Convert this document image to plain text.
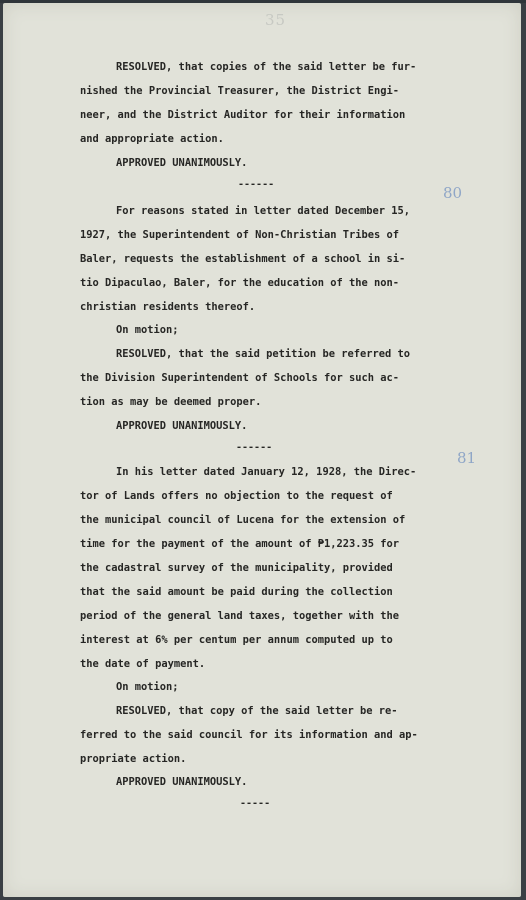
35
80
81
RESOLVED, that copies of the said letter be fur-
nished the Provincial Treasurer, the District Engi-
neer, and the District Auditor for their information
and appropriate action.
APPROVED UNANIMOUSLY.
------
For reasons stated in letter dated December 15,
1927, the Superintendent of Non-Christian Tribes of
Baler, requests the establishment of a school in si-
tio Dipaculao, Baler, for the education of the non-
christian residents thereof.
On motion;
RESOLVED, that the said petition be referred to
the Division Superintendent of Schools for such ac-
tion as may be deemed proper.
APPROVED UNANIMOUSLY.
------
In his letter dated January 12, 1928, the Direc-
tor of Lands offers no objection to the request of
the municipal council of Lucena for the extension of
time for the payment of the amount of ₱1,223.35 for
the cadastral survey of the municipality, provided
that the said amount be paid during the collection
period of the general land taxes, together with the
interest at 6% per centum per annum computed up to
the date of payment.
On motion;
RESOLVED, that copy of the said letter be re-
ferred to the said council for its information and ap-
propriate action.
APPROVED UNANIMOUSLY.
-----
